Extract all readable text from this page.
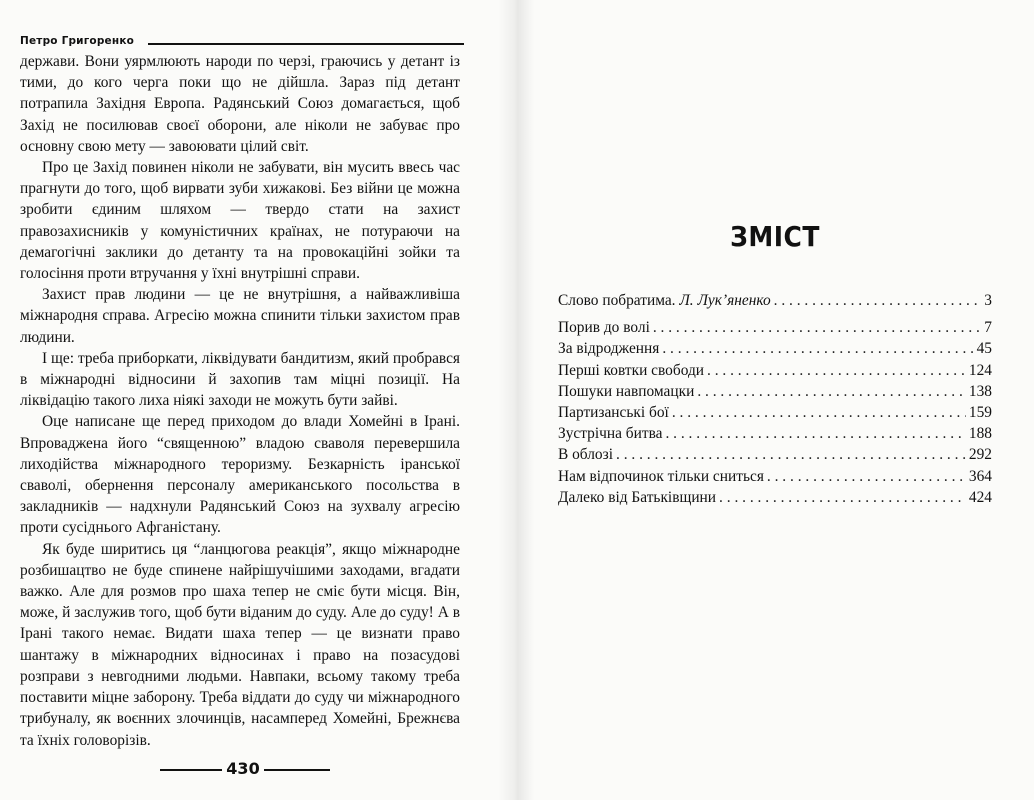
Петро Григоренко

держави. Вони уярмлюють народи по черзі, граючись у детант із тими, до кого черга поки що не дійшла. Зараз під детант потрапила Західня Европа. Радянський Союз домагається, щоб Захід не посилював своєї оборони, але ніколи не забуває про основну свою мету — завоювати цілий світ.

Про це Захід повинен ніколи не забувати, він мусить ввесь час прагнути до того, щоб вирвати зуби хижакові. Без війни це можна зробити єдиним шляхом — твердо стати на захист правозахисників у комуністичних країнах, не потураючи на демагогічні заклики до детанту та на провокаційні зойки та голосіння проти втручання у їхні внутрішні справи.

Захист прав людини — це не внутрішня, а найважливіша міжнародня справа. Агресію можна спинити тільки захистом прав людини.

І ще: треба приборкати, ліквідувати бандитизм, який пробрався в міжнародні відносини й захопив там міцні позиції. На ліквідацію такого лиха ніякі заходи не можуть бути зайві.

Оце написане ще перед приходом до влади Хомейні в Ірані. Впроваджена його “священною” владою сваволя перевершила лиходійства міжнародного тероризму. Безкарність іранської сваволі, обернення персоналу американського посольства в закладників — надхнули Радянський Союз на зухвалу агресію проти сусіднього Афганістану.

Як буде ширитись ця “ланцюгова реакція”, якщо міжнародне розбишацтво не буде спинене найрішучішими заходами, вгадати важко. Але для розмов про шаха тепер не сміє бути місця. Він, може, й заслужив того, щоб бути віданим до суду. Але до суду! А в Ірані такого немає. Видати шаха тепер — це визнати право шантажу в міжнародних відносинах і право на позасудові розправи з невгодними людьми. Навпаки, всьому такому треба поставити міцне заборону. Треба віддати до суду чи міжнародного трибуналу, як воєнних злочинців, насамперед Хомейні, Брежнєва та їхніх головорізів.

430
ЗМІСТ
Слово побратима. Л. Лук’яненко . . .	3
Порив до волі . . .	7
За відродження . . .	45
Перші ковтки свободи . . .	124
Пошуки навпомацки . . .	138
Партизанські бої . . .	159
Зустрічна битва . . .	188
В облозі . . .	292
Нам відпочинок тільки сниться . . .	364
Далеко від Батьківщини . . .	424
